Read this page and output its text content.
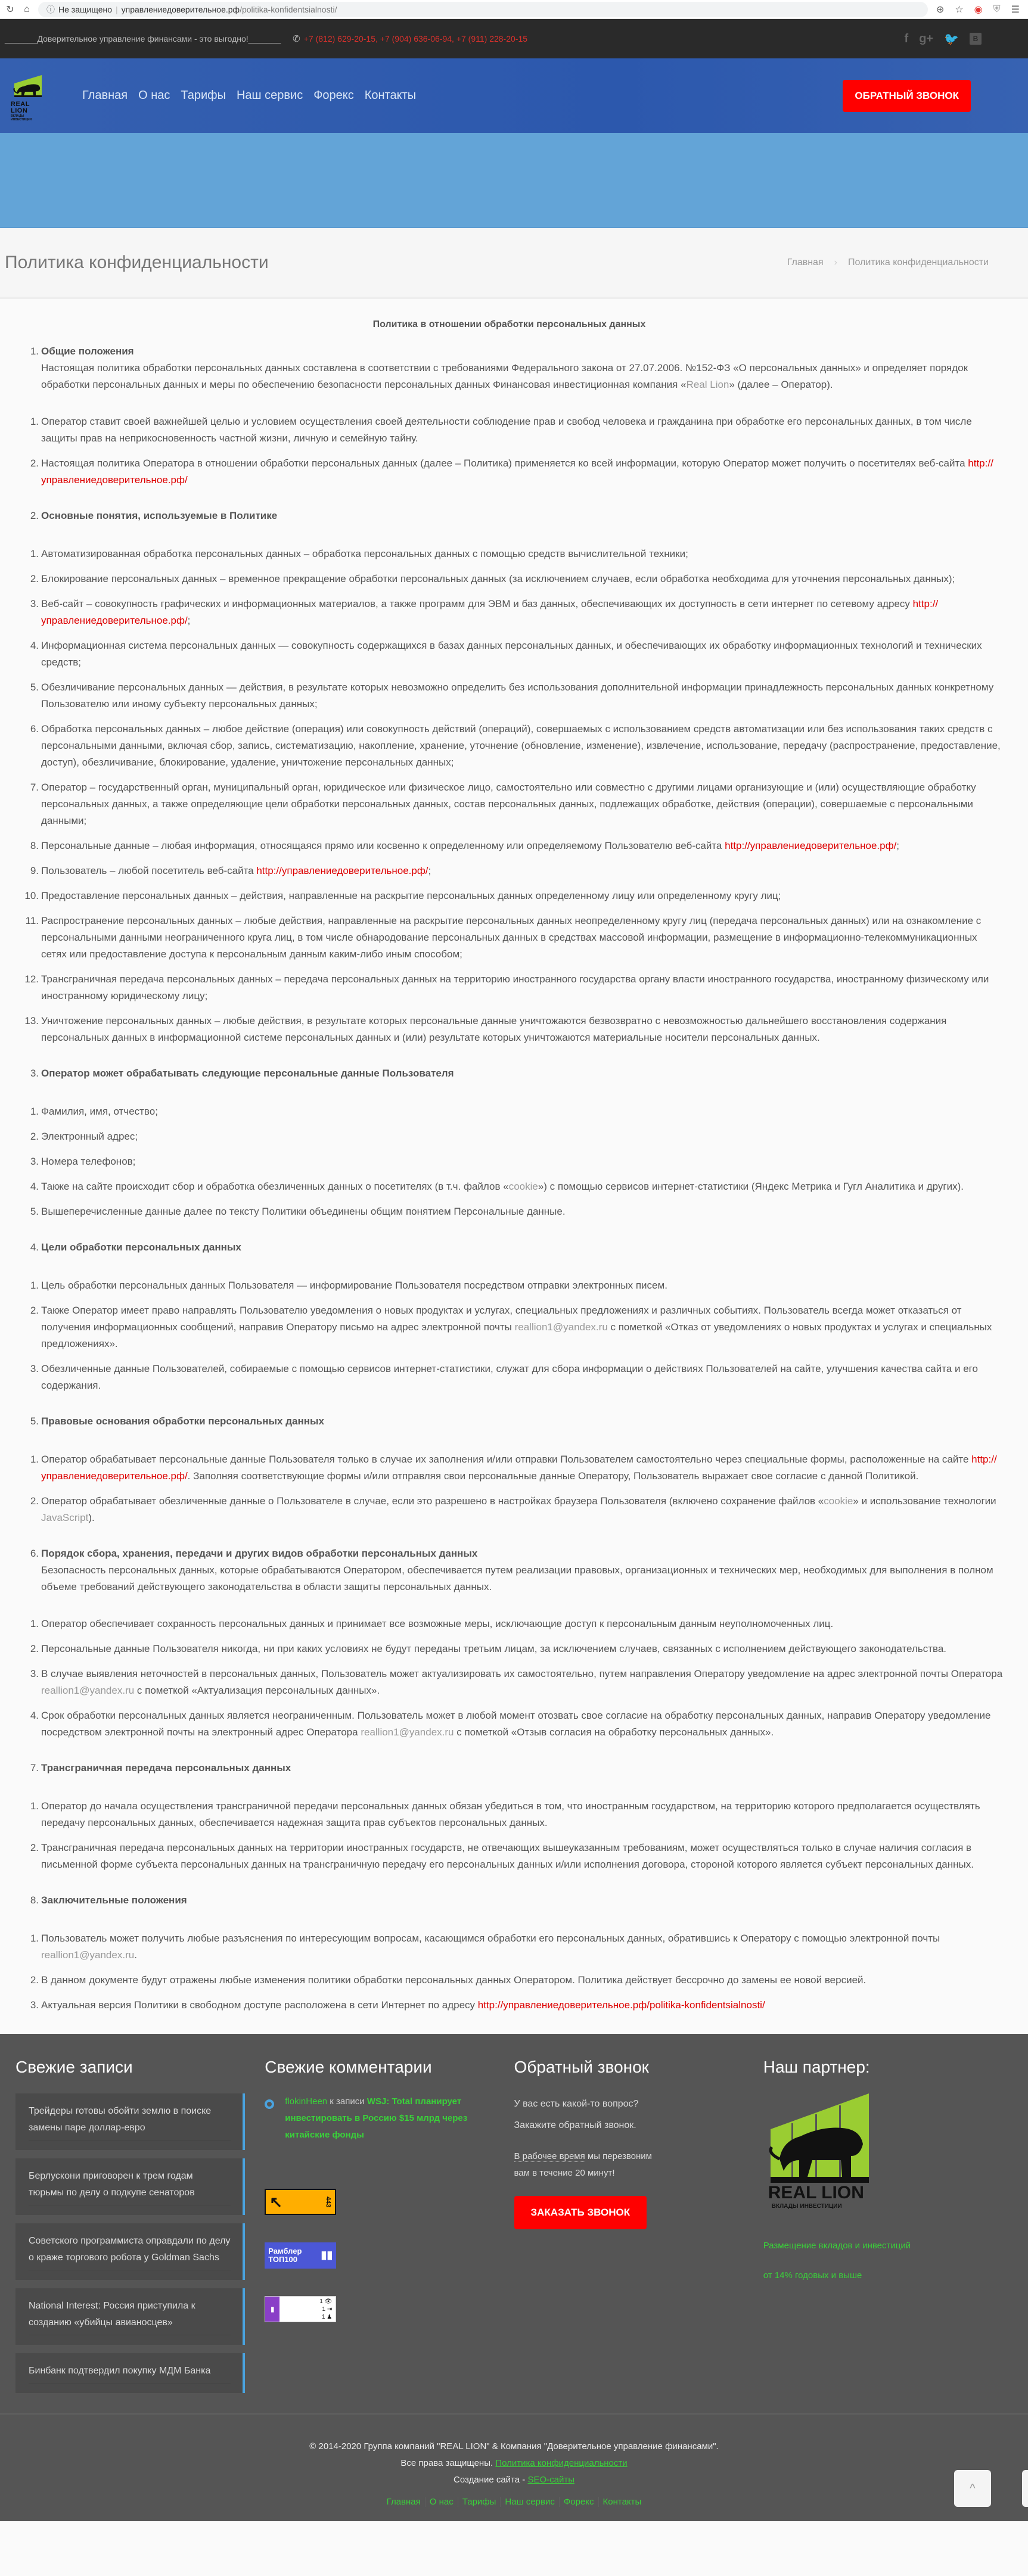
↻ ⌂ ⓘ Не защищено | управлениедоверительное.рф /politika-konfidentsialnosti/	⊕ ☆ ◉ ⛨ ☰
_______Доверительное управление финансами - это выгодно!_______ ✆ +7 (812) 629-20-15, +7 (904) 636-06-94, +7 (911) 228-20-15	f g+ 🐦	B
REAL LION
ВКЛАДЫ ИНВЕСТИЦИИ
Главная О нас Тарифы Наш сервис Форекс Контакты	ОБРАТНЫЙ ЗВОНОК
Политика конфиденциальности	Главная › Политика конфиденциальности
Политика в отношении обработки персональных данных
1. Общие положения
Настоящая политика обработки персональных данных составлена в соответствии с требованиями Федерального закона от 27.07.2006. №152-ФЗ «О персональных данных» и определяет порядок обработки персональных данных и меры по обеспечению безопасности персональных данных Финансовая инвестиционная компания «Real Lion» (далее – Оператор).
1. Оператор ставит своей важнейшей целью и условием осуществления своей деятельности соблюдение прав и свобод человека и гражданина при обработке его персональных данных, в том числе защиты прав на неприкосновенность частной жизни, личную и семейную тайну.
2. Настоящая политика Оператора в отношении обработки персональных данных (далее – Политика) применяется ко всей информации, которую Оператор может получить о посетителях веб-сайта http://управлениедоверительное.рф/
2. Основные понятия, используемые в Политике
1. Автоматизированная обработка персональных данных – обработка персональных данных с помощью средств вычислительной техники;
2. Блокирование персональных данных – временное прекращение обработки персональных данных (за исключением случаев, если обработка необходима для уточнения персональных данных);
3. Веб-сайт – совокупность графических и информационных материалов, а также программ для ЭВМ и баз данных, обеспечивающих их доступность в сети интернет по сетевому адресу http://управлениедоверительное.рф/;
4. Информационная система персональных данных — совокупность содержащихся в базах данных персональных данных, и обеспечивающих их обработку информационных технологий и технических средств;
5. Обезличивание персональных данных — действия, в результате которых невозможно определить без использования дополнительной информации принадлежность персональных данных конкретному Пользователю или иному субъекту персональных данных;
6. Обработка персональных данных – любое действие (операция) или совокупность действий (операций), совершаемых с использованием средств автоматизации или без использования таких средств с персональными данными, включая сбор, запись, систематизацию, накопление, хранение, уточнение (обновление, изменение), извлечение, использование, передачу (распространение, предоставление, доступ), обезличивание, блокирование, удаление, уничтожение персональных данных;
7. Оператор – государственный орган, муниципальный орган, юридическое или физическое лицо, самостоятельно или совместно с другими лицами организующие и (или) осуществляющие обработку персональных данных, а также определяющие цели обработки персональных данных, состав персональных данных, подлежащих обработке, действия (операции), совершаемые с персональными данными;
8. Персональные данные – любая информация, относящаяся прямо или косвенно к определенному или определяемому Пользователю веб-сайта http://управлениедоверительное.рф/;
9. Пользователь – любой посетитель веб-сайта http://управлениедоверительное.рф/;
10. Предоставление персональных данных – действия, направленные на раскрытие персональных данных определенному лицу или определенному кругу лиц;
11. Распространение персональных данных – любые действия, направленные на раскрытие персональных данных неопределенному кругу лиц (передача персональных данных) или на ознакомление с персональными данными неограниченного круга лиц, в том числе обнародование персональных данных в средствах массовой информации, размещение в информационно-телекоммуникационных сетях или предоставление доступа к персональным данным каким-либо иным способом;
12. Трансграничная передача персональных данных – передача персональных данных на территорию иностранного государства органу власти иностранного государства, иностранному физическому или иностранному юридическому лицу;
13. Уничтожение персональных данных – любые действия, в результате которых персональные данные уничтожаются безвозвратно с невозможностью дальнейшего восстановления содержания персональных данных в информационной системе персональных данных и (или) результате которых уничтожаются материальные носители персональных данных.
3. Оператор может обрабатывать следующие персональные данные Пользователя
1. Фамилия, имя, отчество;
2. Электронный адрес;
3. Номера телефонов;
4. Также на сайте происходит сбор и обработка обезличенных данных о посетителях (в т.ч. файлов «cookie») с помощью сервисов интернет-статистики (Яндекс Метрика и Гугл Аналитика и других).
5. Вышеперечисленные данные далее по тексту Политики объединены общим понятием Персональные данные.
4. Цели обработки персональных данных
1. Цель обработки персональных данных Пользователя — информирование Пользователя посредством отправки электронных писем.
2. Также Оператор имеет право направлять Пользователю уведомления о новых продуктах и услугах, специальных предложениях и различных событиях. Пользователь всегда может отказаться от получения информационных сообщений, направив Оператору письмо на адрес электронной почты reallion1@yandex.ru с пометкой «Отказ от уведомлениях о новых продуктах и услугах и специальных предложениях».
3. Обезличенные данные Пользователей, собираемые с помощью сервисов интернет-статистики, служат для сбора информации о действиях Пользователей на сайте, улучшения качества сайта и его содержания.
5. Правовые основания обработки персональных данных
1. Оператор обрабатывает персональные данные Пользователя только в случае их заполнения и/или отправки Пользователем самостоятельно через специальные формы, расположенные на сайте http://управлениедоверительное.рф/. Заполняя соответствующие формы и/или отправляя свои персональные данные Оператору, Пользователь выражает свое согласие с данной Политикой.
2. Оператор обрабатывает обезличенные данные о Пользователе в случае, если это разрешено в настройках браузера Пользователя (включено сохранение файлов «cookie» и использование технологии JavaScript).
6. Порядок сбора, хранения, передачи и других видов обработки персональных данных
Безопасность персональных данных, которые обрабатываются Оператором, обеспечивается путем реализации правовых, организационных и технических мер, необходимых для выполнения в полном объеме требований действующего законодательства в области защиты персональных данных.
1. Оператор обеспечивает сохранность персональных данных и принимает все возможные меры, исключающие доступ к персональным данным неуполномоченных лиц.
2. Персональные данные Пользователя никогда, ни при каких условиях не будут переданы третьим лицам, за исключением случаев, связанных с исполнением действующего законодательства.
3. В случае выявления неточностей в персональных данных, Пользователь может актуализировать их самостоятельно, путем направления Оператору уведомление на адрес электронной почты Оператора reallion1@yandex.ru с пометкой «Актуализация персональных данных».
4. Срок обработки персональных данных является неограниченным. Пользователь может в любой момент отозвать свое согласие на обработку персональных данных, направив Оператору уведомление посредством электронной почты на электронный адрес Оператора reallion1@yandex.ru с пометкой «Отзыв согласия на обработку персональных данных».
7. Трансграничная передача персональных данных
1. Оператор до начала осуществления трансграничной передачи персональных данных обязан убедиться в том, что иностранным государством, на территорию которого предполагается осуществлять передачу персональных данных, обеспечивается надежная защита прав субъектов персональных данных.
2. Трансграничная передача персональных данных на территории иностранных государств, не отвечающих вышеуказанным требованиям, может осуществляться только в случае наличия согласия в письменной форме субъекта персональных данных на трансграничную передачу его персональных данных и/или исполнения договора, стороной которого является субъект персональных данных.
8. Заключительные положения
1. Пользователь может получить любые разъяснения по интересующим вопросам, касающимся обработки его персональных данных, обратившись к Оператору с помощью электронной почты reallion1@yandex.ru.
2. В данном документе будут отражены любые изменения политики обработки персональных данных Оператором. Политика действует бессрочно до замены ее новой версией.
3. Актуальная версия Политики в свободном доступе расположена в сети Интернет по адресу http://управлениедоверительное.рф/politika-konfidentsialnosti/
Свежие записи
Трейдеры готовы обойти землю в поиске замены паре доллар-евро
Берлускони приговорен к трем годам тюрьмы по делу о подкупе сенаторов
Советского программиста оправдали по делу о краже торгового робота у Goldman Sachs
National Interest: Россия приступила к созданию «убийцы авианосцев»
Бинбанк подтвердил покупку МДМ Банка
Свежие комментарии
flokinHeen к записи WSJ: Total планирует инвестировать в Россию $15 млрд через китайские фонды
↖	443
Рамблер ТОП100	▮▮
▮
1 👁
1 ⇥
1 ♟
Обратный звонок

У вас есть какой-то вопрос?

Закажите обратный звонок.

В рабочее время мы перезвоним
вам в течение 20 минут!

ЗАКАЗАТЬ ЗВОНОК
Наш партнер:
REAL LION
ВКЛАДЫ ИНВЕСТИЦИИ
Размещение вкладов и инвестиций
от 14% годовых и выше

© 2014-2020 Группа компаний "REAL LION" & Компания "Доверительное управление финансами".

Все права защищены. Политика конфиденциальности

Создание сайта - SEO-сайты

Главная	О нас	Тарифы	Наш сервис	Форекс	Контакты
^
